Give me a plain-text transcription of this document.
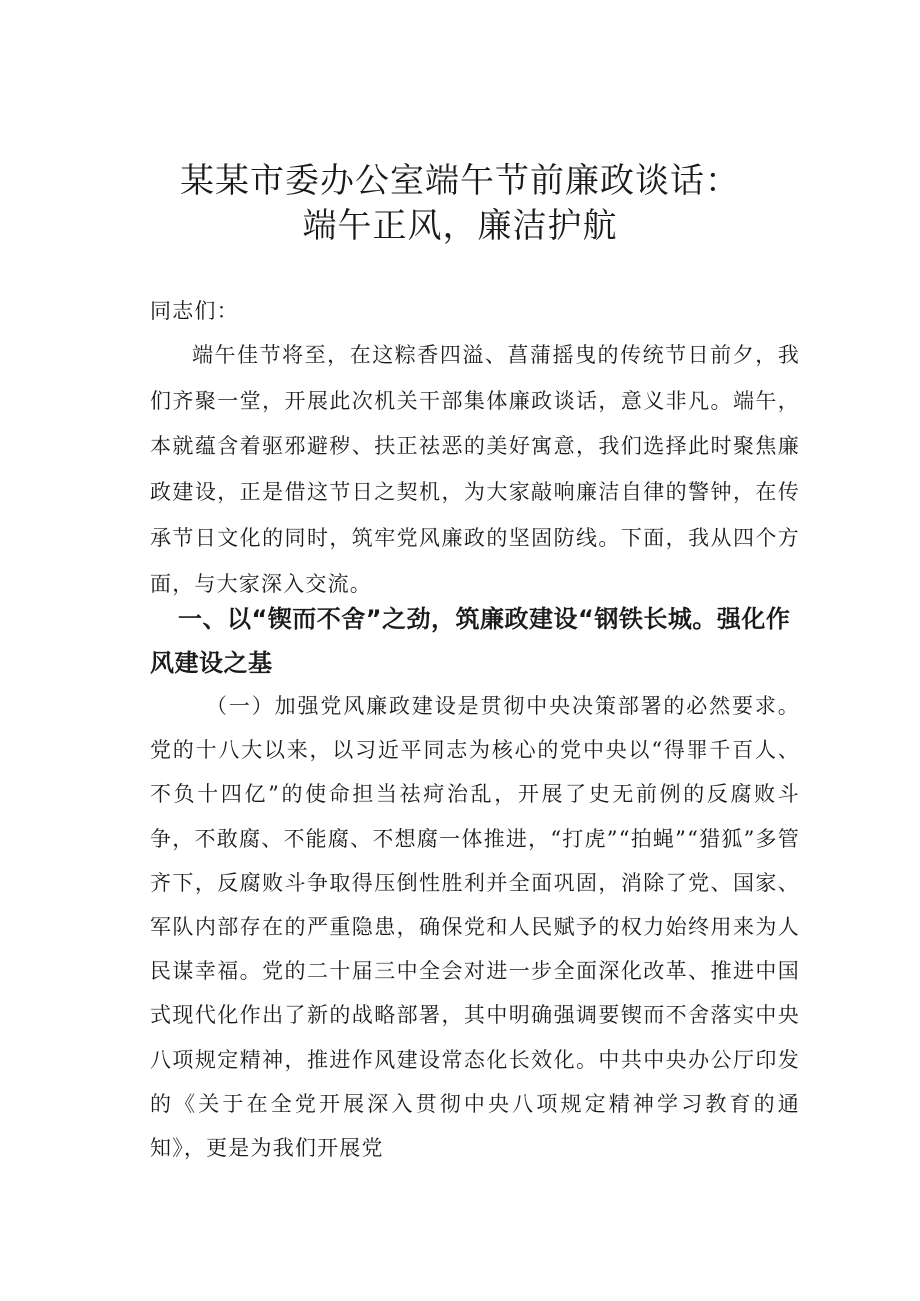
某某市委办公室端午节前廉政谈话：
端午正风，廉洁护航
同志们：

端午佳节将至，在这粽香四溢、菖蒲摇曳的传统节日前夕，我们齐聚一堂，开展此次机关干部集体廉政谈话，意义非凡。端午，本就蕴含着驱邪避秽、扶正祛恶的美好寓意，我们选择此时聚焦廉政建设，正是借这节日之契机，为大家敲响廉洁自律的警钟，在传承节日文化的同时，筑牢党风廉政的坚固防线。下面，我从四个方面，与大家深入交流。

一、以“锲而不舍”之劲，筑廉政建设“钢铁长城。强化作风建设之基

（一）加强党风廉政建设是贯彻中央决策部署的必然要求。党的十八大以来，以习近平同志为核心的党中央以“得罪千百人、不负十四亿”的使命担当祛疴治乱，开展了史无前例的反腐败斗争，不敢腐、不能腐、不想腐一体推进，“打虎”“拍蝇”“猎狐”多管齐下，反腐败斗争取得压倒性胜利并全面巩固，消除了党、国家、军队内部存在的严重隐患，确保党和人民赋予的权力始终用来为人民谋幸福。党的二十届三中全会对进一步全面深化改革、推进中国式现代化作出了新的战略部署，其中明确强调要锲而不舍落实中央八项规定精神，推进作风建设常态化长效化。中共中央办公厅印发的《关于在全党开展深入贯彻中央八项规定精神学习教育的通知》，更是为我们开展党
